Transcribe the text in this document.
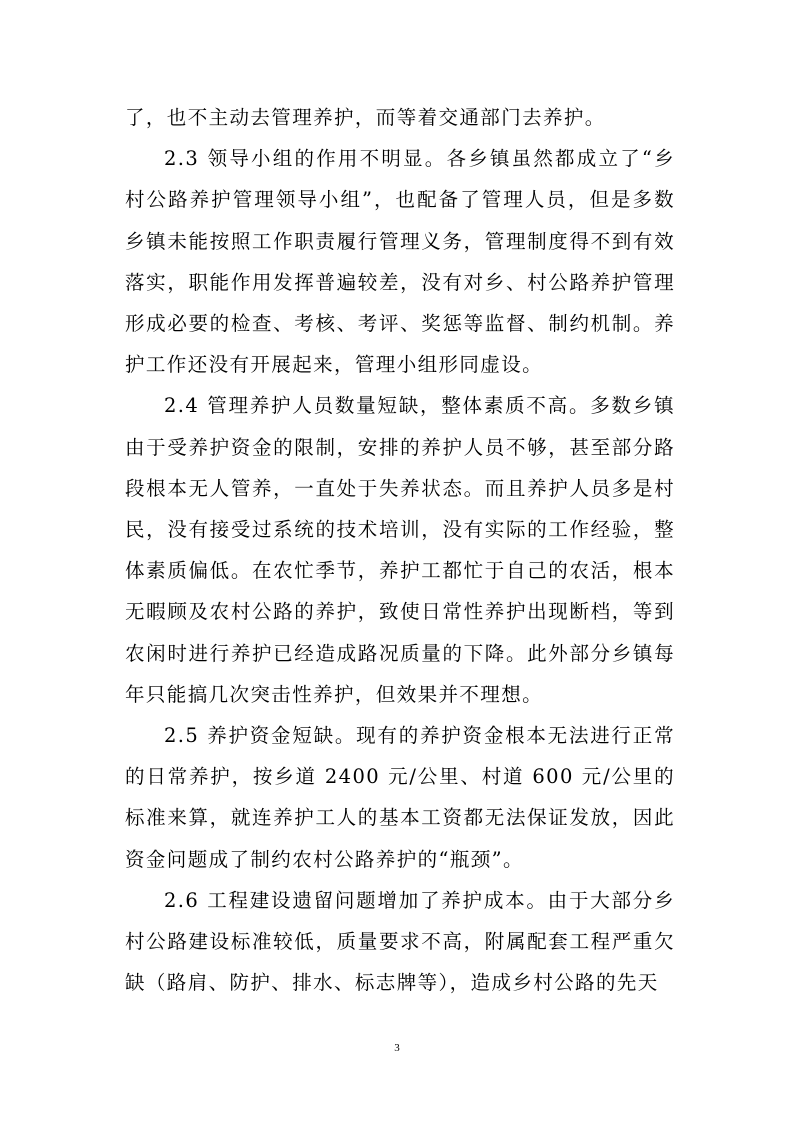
了，也不主动去管理养护，而等着交通部门去养护。

2.3 领导小组的作用不明显。各乡镇虽然都成立了“乡村公路养护管理领导小组”，也配备了管理人员，但是多数乡镇未能按照工作职责履行管理义务，管理制度得不到有效落实，职能作用发挥普遍较差，没有对乡、村公路养护管理形成必要的检查、考核、考评、奖惩等监督、制约机制。养护工作还没有开展起来，管理小组形同虚设。

2.4 管理养护人员数量短缺，整体素质不高。多数乡镇由于受养护资金的限制，安排的养护人员不够，甚至部分路段根本无人管养，一直处于失养状态。而且养护人员多是村民，没有接受过系统的技术培训，没有实际的工作经验，整体素质偏低。在农忙季节，养护工都忙于自己的农活，根本无暇顾及农村公路的养护，致使日常性养护出现断档，等到农闲时进行养护已经造成路况质量的下降。此外部分乡镇每年只能搞几次突击性养护，但效果并不理想。

2.5 养护资金短缺。现有的养护资金根本无法进行正常的日常养护，按乡道 2400 元/公里、村道 600 元/公里的标准来算，就连养护工人的基本工资都无法保证发放，因此资金问题成了制约农村公路养护的“瓶颈”。

2.6 工程建设遗留问题增加了养护成本。由于大部分乡村公路建设标准较低，质量要求不高，附属配套工程严重欠缺（路肩、防护、排水、标志牌等），造成乡村公路的先天

3
